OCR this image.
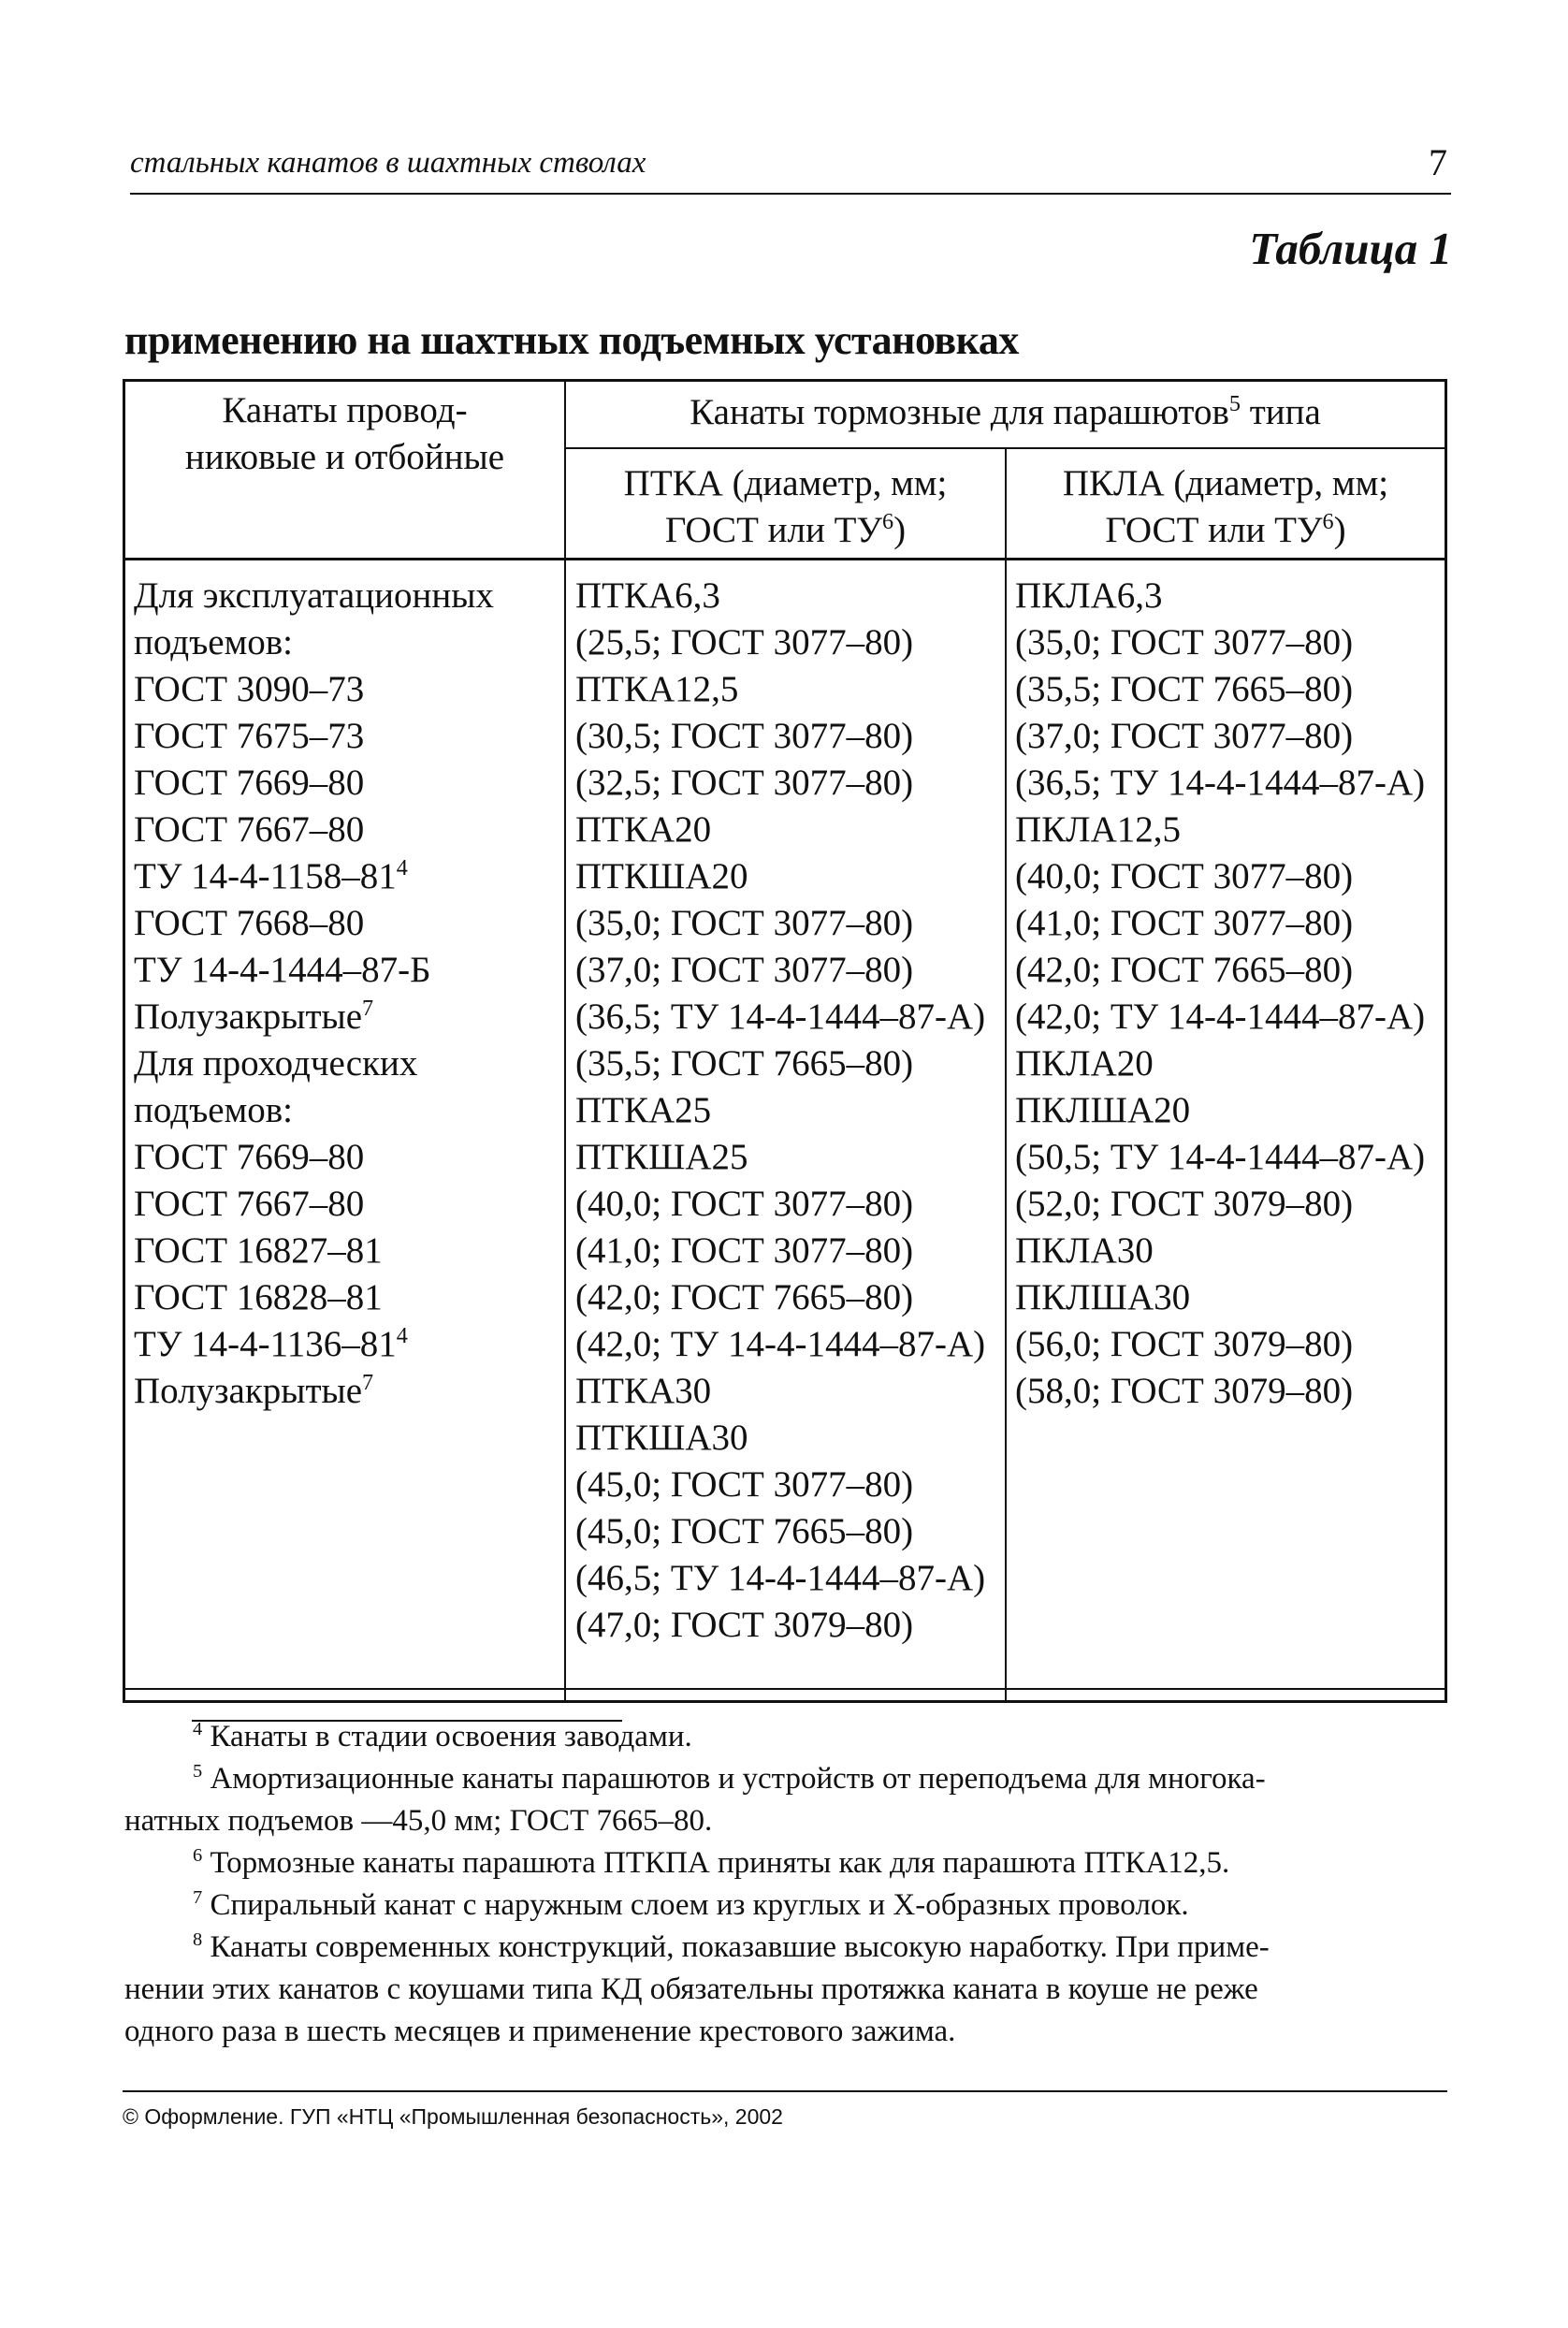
стальных канатов в шахтных стволах	7
Таблица 1
применению на шахтных подъемных установках
Канаты провод-
никовые и отбойные
Канаты тормозные для парашютов$^5$ типа
ПТКА (диаметр, мм;
ГОСТ или $ТУ^6$)
ПКЛА (диаметр, мм;
ГОСТ или $ТУ^6$)
Для эксплуатационных
подъемов:
ГОСТ 3090–73
ГОСТ 7675–73
ГОСТ 7669–80
ГОСТ 7667–80
ТУ $14-4-1158-81^4$
ГОСТ 7668–80
ТУ 14-4-1444–87-Б
Полузакрытые$^7$
Для проходческих
подъемов:
ГОСТ 7669–80
ГОСТ 7667–80
ГОСТ 16827–81
ГОСТ 16828–81
ТУ $14-4-1136-81^4$
Полузакрытые$^7$
ПТКА6,3
(25,5; ГОСТ 3077–80)
ПТКА12,5
(30,5; ГОСТ 3077–80)
(32,5; ГОСТ 3077–80)
ПТКА20
ПТКША20
(35,0; ГОСТ 3077–80)
(37,0; ГОСТ 3077–80)
(36,5; ТУ 14-4-1444–87-А)
(35,5; ГОСТ 7665–80)
ПТКА25
ПТКША25
(40,0; ГОСТ 3077–80)
(41,0; ГОСТ 3077–80)
(42,0; ГОСТ 7665–80)
(42,0; ТУ 14-4-1444–87-А)
ПТКА30
ПТКША30
(45,0; ГОСТ 3077–80)
(45,0; ГОСТ 7665–80)
(46,5; ТУ 14-4-1444–87-А)
(47,0; ГОСТ 3079–80)
ПКЛА6,3
(35,0; ГОСТ 3077–80)
(35,5; ГОСТ 7665–80)
(37,0; ГОСТ 3077–80)
(36,5; ТУ 14-4-1444–87-А)
ПКЛА12,5
(40,0; ГОСТ 3077–80)
(41,0; ГОСТ 3077–80)
(42,0; ГОСТ 7665–80)
(42,0; ТУ 14-4-1444–87-А)
ПКЛА20
ПКЛША20
(50,5; ТУ 14-4-1444–87-А)
(52,0; ГОСТ 3079–80)
ПКЛА30
ПКЛША30
(56,0; ГОСТ 3079–80)
(58,0; ГОСТ 3079–80)
$^4$ Канаты в стадии освоения заводами.
$^5$ Амортизационные канаты парашютов и устройств от переподъема для многока-
натных подъемов —45,0 мм; ГОСТ 7665–80.
$^6$ Тормозные канаты парашюта ПТКПА приняты как для парашюта ПТКА12,5.
$^7$ Спиральный канат с наружным слоем из круглых и Х-образных проволок.
$^8$ Канаты современных конструкций, показавшие высокую наработку. При приме-
нении этих канатов с коушами типа КД обязательны протяжка каната в коуше не реже
одного раза в шесть месяцев и применение крестового зажима.
© Оформление. ГУП «НТЦ «Промышленная безопасность», 2002
